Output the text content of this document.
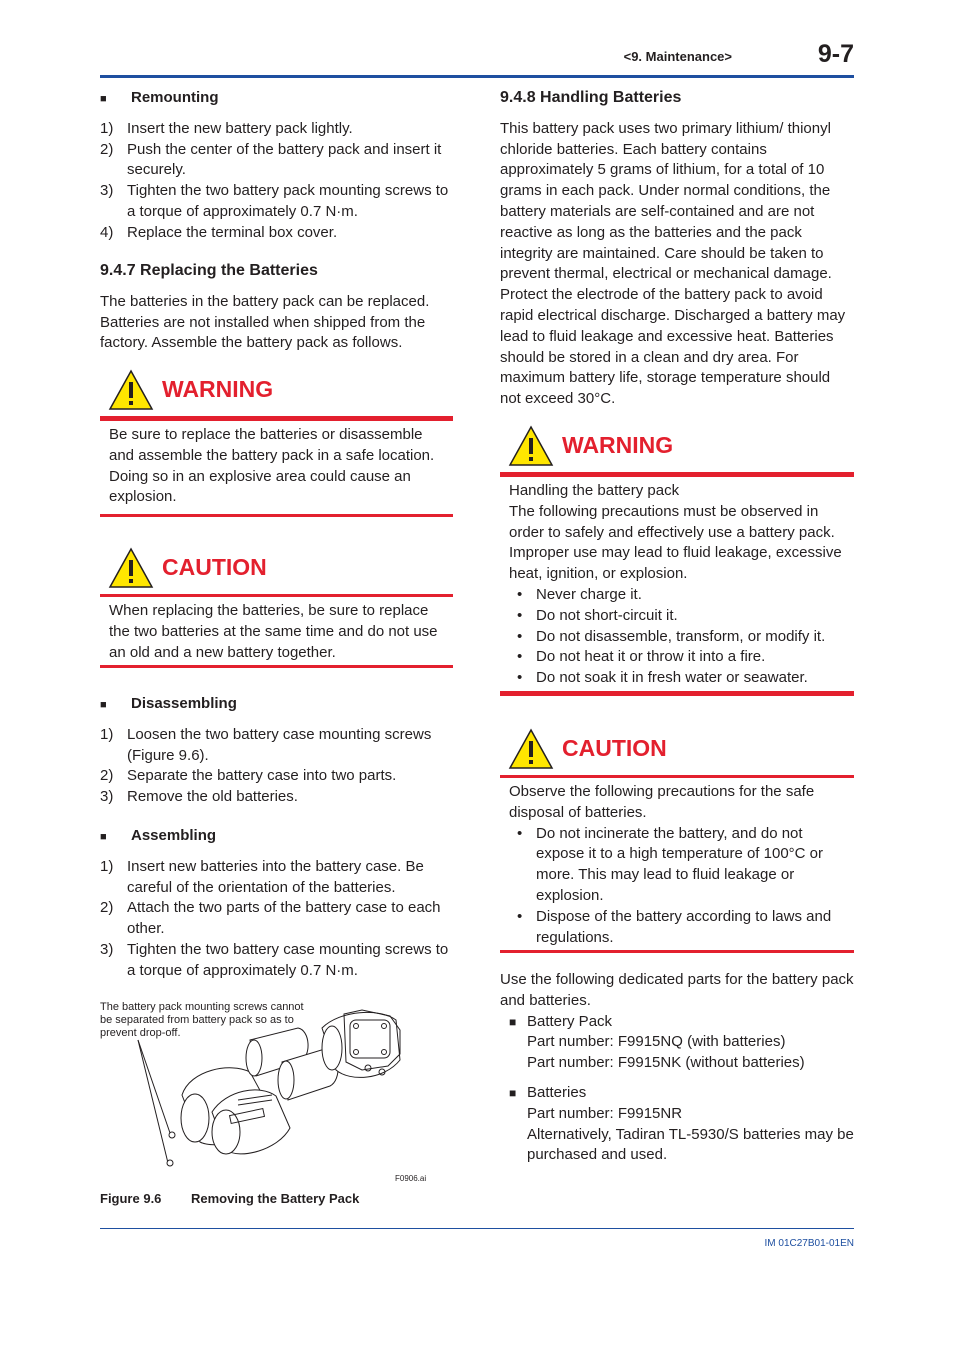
<9. Maintenance>	9-7

■ Remounting

1) Insert the new battery pack lightly.
2) Push the center of the battery pack and insert it securely.
3) Tighten the two battery pack mounting screws to a torque of approximately 0.7 N·m.
4) Replace the terminal box cover.

9.4.7 Replacing the Batteries

The batteries in the battery pack can be replaced. Batteries are not installed when shipped from the factory. Assemble the battery pack as follows.

WARNING

Be sure to replace the batteries or disassemble and assemble the battery pack in a safe location. Doing so in an explosive area could cause an explosion.

CAUTION

When replacing the batteries, be sure to replace the two batteries at the same time and do not use an old and a new battery together.

■ Disassembling

1) Loosen the two battery case mounting screws (Figure 9.6).
2) Separate the battery case into two parts.
3) Remove the old batteries.

■ Assembling

1) Insert new batteries into the battery case. Be careful of the orientation of the batteries.
2) Attach the two parts of the battery case to each other.
3) Tighten the two battery case mounting screws to a torque of approximately 0.7 N·m.
The battery pack mounting screws cannot be separated from battery pack so as to prevent drop-off.
F0906.ai
Figure 9.6 Removing the Battery Pack

9.4.8 Handling Batteries

This battery pack uses two primary lithium/ thionyl chloride batteries. Each battery contains approximately 5 grams of lithium, for a total of 10 grams in each pack. Under normal conditions, the battery materials are self-contained and are not reactive as long as the batteries and the pack integrity are maintained. Care should be taken to prevent thermal, electrical or mechanical damage. Protect the electrode of the battery pack to avoid rapid electrical discharge. Discharged a battery may lead to fluid leakage and excessive heat. Batteries should be stored in a clean and dry area. For maximum battery life, storage temperature should not exceed 30°C.

WARNING

Handling the battery pack

The following precautions must be observed in order to safely and effectively use a battery pack. Improper use may lead to fluid leakage, excessive heat, ignition, or explosion.

• Never charge it.
• Do not short-circuit it.
• Do not disassemble, transform, or modify it.
• Do not heat it or throw it into a fire.
• Do not soak it in fresh water or seawater.
CAUTION

Observe the following precautions for the safe disposal of batteries.

• Do not incinerate the battery, and do not expose it to a high temperature of 100°C or more. This may lead to fluid leakage or explosion.
• Dispose of the battery according to laws and regulations.

Use the following dedicated parts for the battery pack and batteries.

■ Battery Pack
Part number: F9915NQ (with batteries)
Part number: F9915NK (without batteries)
■ Batteries
Part number: F9915NR
Alternatively, Tadiran TL-5930/S batteries may be purchased and used.
IM 01C27B01-01EN
